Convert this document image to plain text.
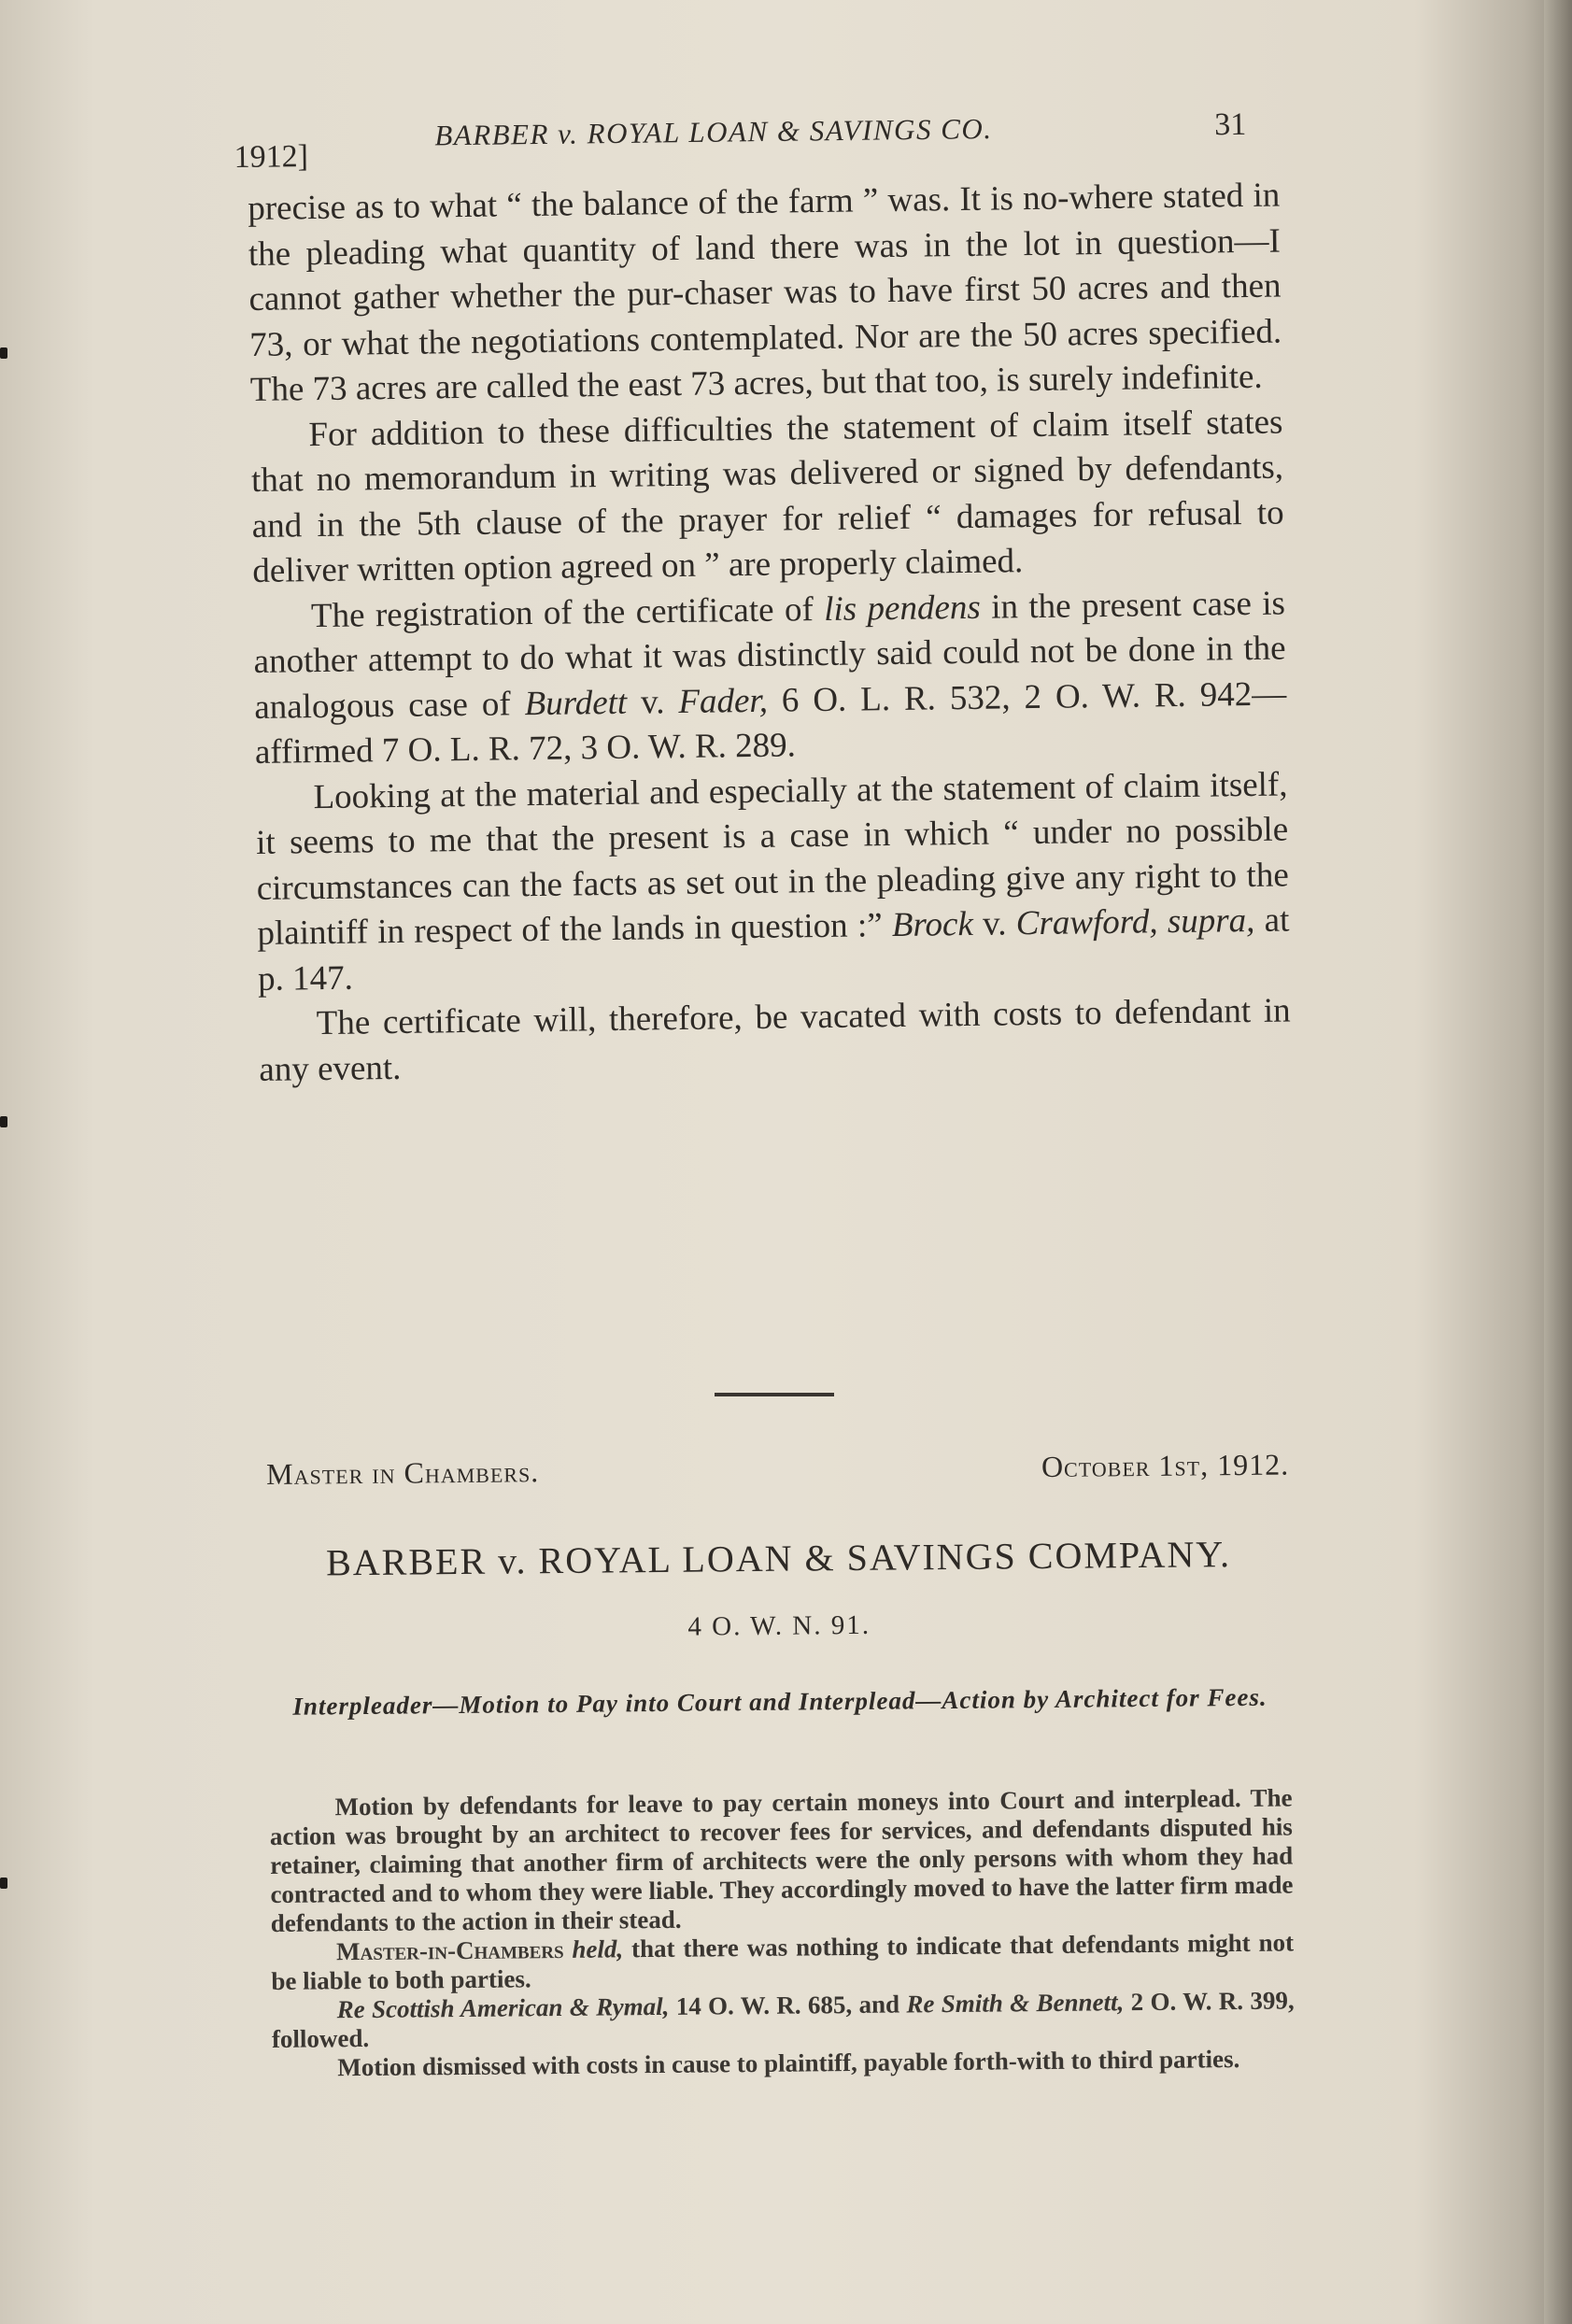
1912]
BARBER v. ROYAL LOAN & SAVINGS CO.	31

precise as to what “ the balance of the farm ” was. It is no-where stated in the pleading what quantity of land there was in the lot in question—I cannot gather whether the pur-chaser was to have first 50 acres and then 73, or what the negotiations contemplated. Nor are the 50 acres specified. The 73 acres are called the east 73 acres, but that too, is surely indefinite.

For addition to these difficulties the statement of claim itself states that no memorandum in writing was delivered or signed by defendants, and in the 5th clause of the prayer for relief “ damages for refusal to deliver written option agreed on ” are properly claimed.

The registration of the certificate of lis pendens in the present case is another attempt to do what it was distinctly said could not be done in the analogous case of Burdett v. Fader, 6 O. L. R. 532, 2 O. W. R. 942—affirmed 7 O. L. R. 72, 3 O. W. R. 289.

Looking at the material and especially at the statement of claim itself, it seems to me that the present is a case in which “ under no possible circumstances can the facts as set out in the pleading give any right to the plaintiff in respect of the lands in question :” Brock v. Crawford, supra, at p. 147.

The certificate will, therefore, be vacated with costs to defendant in any event.

Master in Chambers.	October 1st, 1912.
BARBER v. ROYAL LOAN & SAVINGS COMPANY.
4 O. W. N. 91.
Interpleader—Motion to Pay into Court and Interplead—Action by Architect for Fees.

Motion by defendants for leave to pay certain moneys into Court and interplead. The action was brought by an architect to recover fees for services, and defendants disputed his retainer, claiming that another firm of architects were the only persons with whom they had contracted and to whom they were liable. They accordingly moved to have the latter firm made defendants to the action in their stead.

Master-in-Chambers held, that there was nothing to indicate that defendants might not be liable to both parties.

Re Scottish American & Rymal, 14 O. W. R. 685, and Re Smith & Bennett, 2 O. W. R. 399, followed.

Motion dismissed with costs in cause to plaintiff, payable forth-with to third parties.
